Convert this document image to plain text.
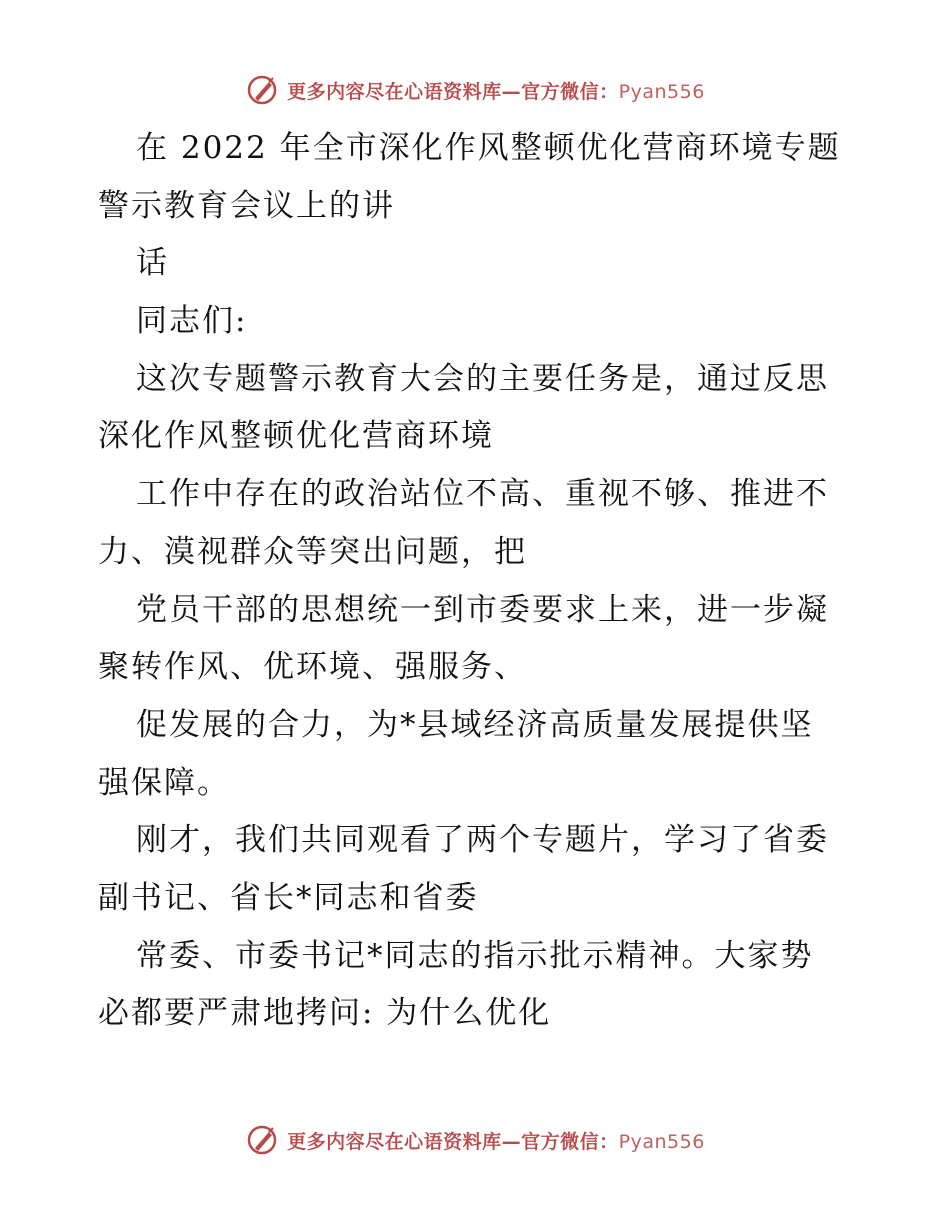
更多内容尽在心语资料库—官方微信：Pyan556
在 2022 年全市深化作风整顿优化营商环境专题
警示教育会议上的讲
话
同志们:
这次专题警示教育大会的主要任务是，通过反思
深化作风整顿优化营商环境
工作中存在的政治站位不高、重视不够、推进不
力、漠视群众等突出问题，把
党员干部的思想统一到市委要求上来，进一步凝
聚转作风、优环境、强服务、
促发展的合力，为*县域经济高质量发展提供坚
强保障。
刚才，我们共同观看了两个专题片，学习了省委
副书记、省长*同志和省委
常委、市委书记*同志的指示批示精神。大家势
必都要严肃地拷问: 为什么优化
更多内容尽在心语资料库—官方微信：Pyan556
